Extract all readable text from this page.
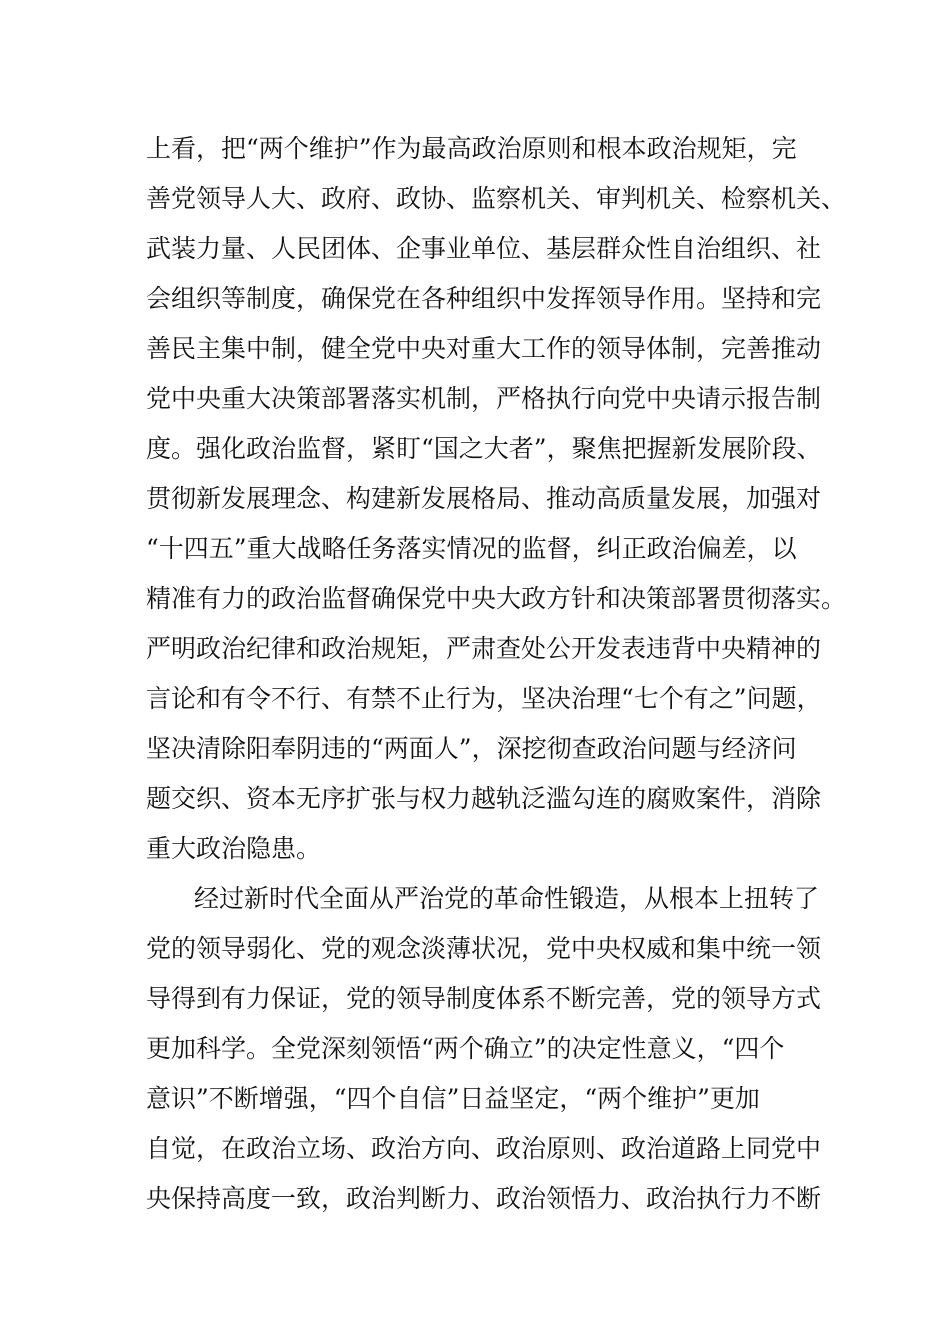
上看，把“两个维护”作为最高政治原则和根本政治规矩，完
善党领导人大、政府、政协、监察机关、审判机关、检察机关、
武装力量、人民团体、企事业单位、基层群众性自治组织、社
会组织等制度，确保党在各种组织中发挥领导作用。坚持和完
善民主集中制，健全党中央对重大工作的领导体制，完善推动
党中央重大决策部署落实机制，严格执行向党中央请示报告制
度。强化政治监督，紧盯“国之大者”，聚焦把握新发展阶段、
贯彻新发展理念、构建新发展格局、推动高质量发展，加强对
“十四五”重大战略任务落实情况的监督，纠正政治偏差，以
精准有力的政治监督确保党中央大政方针和决策部署贯彻落实。
严明政治纪律和政治规矩，严肃查处公开发表违背中央精神的
言论和有令不行、有禁不止行为，坚决治理“七个有之”问题，
坚决清除阳奉阴违的“两面人”，深挖彻查政治问题与经济问
题交织、资本无序扩张与权力越轨泛滥勾连的腐败案件，消除
重大政治隐患。
经过新时代全面从严治党的革命性锻造，从根本上扭转了
党的领导弱化、党的观念淡薄状况，党中央权威和集中统一领
导得到有力保证，党的领导制度体系不断完善，党的领导方式
更加科学。全党深刻领悟“两个确立”的决定性意义，“四个
意识”不断增强，“四个自信”日益坚定，“两个维护”更加
自觉，在政治立场、政治方向、政治原则、政治道路上同党中
央保持高度一致，政治判断力、政治领悟力、政治执行力不断
